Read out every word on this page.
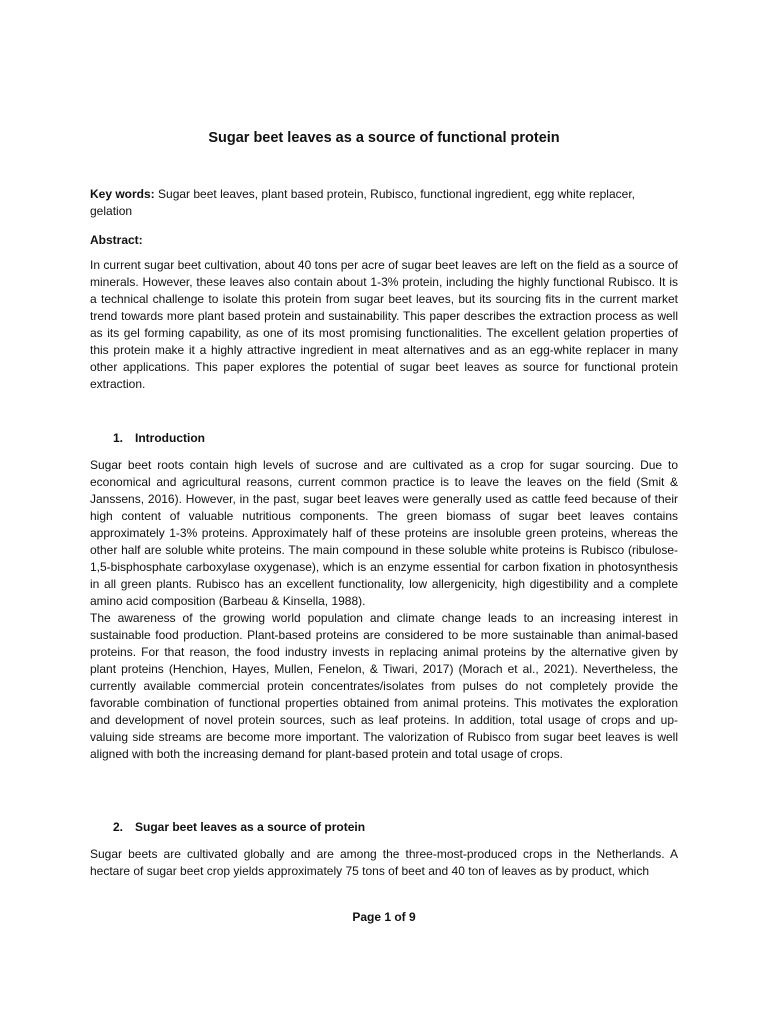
Sugar beet leaves as a source of functional protein
Key words: Sugar beet leaves, plant based protein, Rubisco, functional ingredient, egg white replacer, gelation
Abstract:

In current sugar beet cultivation, about 40 tons per acre of sugar beet leaves are left on the field as a source of minerals. However, these leaves also contain about 1-3% protein, including the highly functional Rubisco. It is a technical challenge to isolate this protein from sugar beet leaves, but its sourcing fits in the current market trend towards more plant based protein and sustainability. This paper describes the extraction process as well as its gel forming capability, as one of its most promising functionalities. The excellent gelation properties of this protein make it a highly attractive ingredient in meat alternatives and as an egg-white replacer in many other applications. This paper explores the potential of sugar beet leaves as source for functional protein extraction.

1. Introduction

Sugar beet roots contain high levels of sucrose and are cultivated as a crop for sugar sourcing. Due to economical and agricultural reasons, current common practice is to leave the leaves on the field (Smit & Janssens, 2016). However, in the past, sugar beet leaves were generally used as cattle feed because of their high content of valuable nutritious components. The green biomass of sugar beet leaves contains approximately 1-3% proteins. Approximately half of these proteins are insoluble green proteins, whereas the other half are soluble white proteins. The main compound in these soluble white proteins is Rubisco (ribulose-1,5-bisphosphate carboxylase oxygenase), which is an enzyme essential for carbon fixation in photosynthesis in all green plants. Rubisco has an excellent functionality, low allergenicity, high digestibility and a complete amino acid composition (Barbeau & Kinsella, 1988).

The awareness of the growing world population and climate change leads to an increasing interest in sustainable food production. Plant-based proteins are considered to be more sustainable than animal-based proteins. For that reason, the food industry invests in replacing animal proteins by the alternative given by plant proteins (Henchion, Hayes, Mullen, Fenelon, & Tiwari, 2017) (Morach et al., 2021). Nevertheless, the currently available commercial protein concentrates/isolates from pulses do not completely provide the favorable combination of functional properties obtained from animal proteins. This motivates the exploration and development of novel protein sources, such as leaf proteins. In addition, total usage of crops and up-valuing side streams are become more important. The valorization of Rubisco from sugar beet leaves is well aligned with both the increasing demand for plant-based protein and total usage of crops.

2. Sugar beet leaves as a source of protein

Sugar beets are cultivated globally and are among the three-most-produced crops in the Netherlands. A hectare of sugar beet crop yields approximately 75 tons of beet and 40 ton of leaves as by product, which

Page 1 of 9
